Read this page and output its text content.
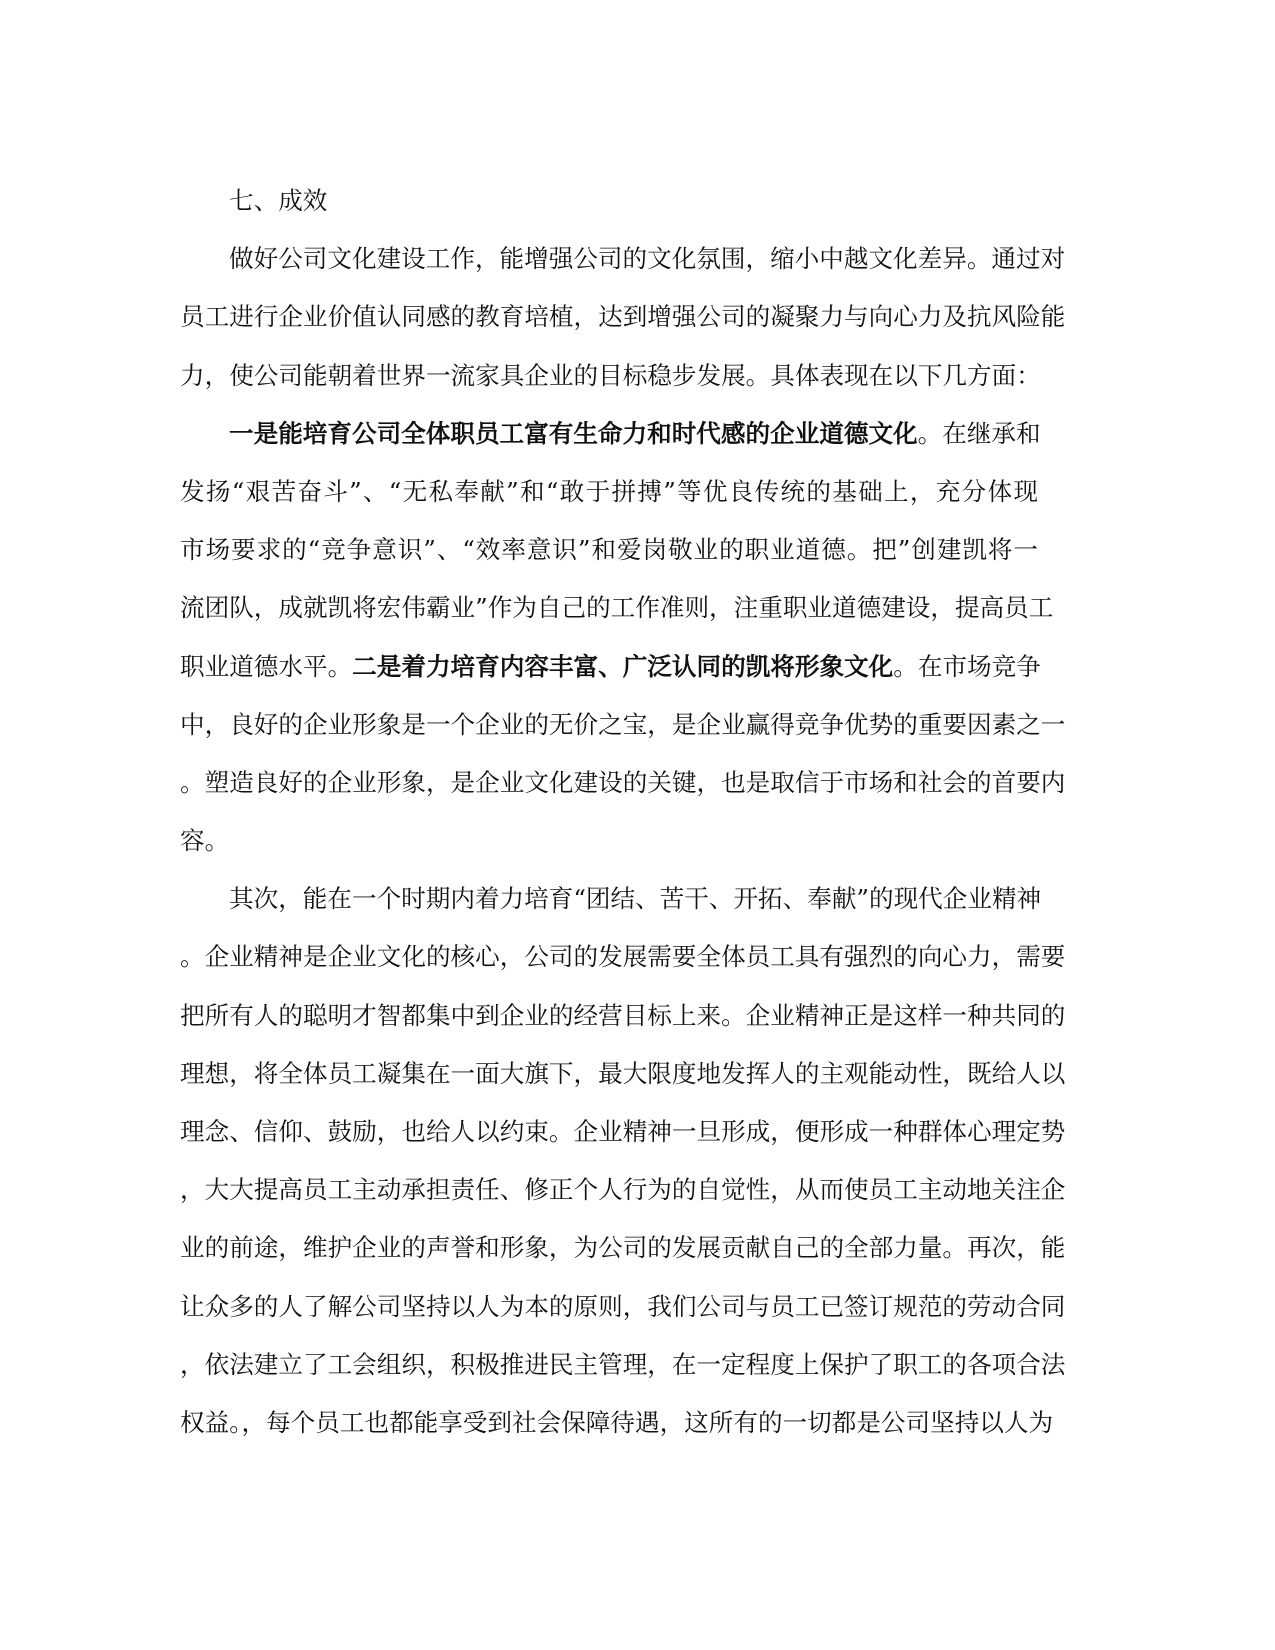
七、成效
做好公司文化建设工作，能增强公司的文化氛围，缩小中越文化差异。通过对
员工进行企业价值认同感的教育培植，达到增强公司的凝聚力与向心力及抗风险能
力，使公司能朝着世界一流家具企业的目标稳步发展。具体表现在以下几方面：
一是能培育公司全体职员工富有生命力和时代感的企业道德文化。在继承和
发扬“艰苦奋斗”、“无私奉献”和“敢于拼搏”等优良传统的基础上，充分体现
市场要求的“竞争意识”、“效率意识”和爱岗敬业的职业道德。把”创建凯将一
流团队，成就凯将宏伟霸业”作为自己的工作准则，注重职业道德建设，提高员工
职业道德水平。二是着力培育内容丰富、广泛认同的凯将形象文化。在市场竞争
中，良好的企业形象是一个企业的无价之宝，是企业赢得竞争优势的重要因素之一
。塑造良好的企业形象，是企业文化建设的关键，也是取信于市场和社会的首要内
容。
其次，能在一个时期内着力培育“团结、苦干、开拓、奉献”的现代企业精神
。企业精神是企业文化的核心，公司的发展需要全体员工具有强烈的向心力，需要
把所有人的聪明才智都集中到企业的经营目标上来。企业精神正是这样一种共同的
理想，将全体员工凝集在一面大旗下，最大限度地发挥人的主观能动性，既给人以
理念、信仰、鼓励，也给人以约束。企业精神一旦形成，便形成一种群体心理定势
，大大提高员工主动承担责任、修正个人行为的自觉性，从而使员工主动地关注企
业的前途，维护企业的声誉和形象，为公司的发展贡献自己的全部力量。再次，能
让众多的人了解公司坚持以人为本的原则，我们公司与员工已签订规范的劳动合同
，依法建立了工会组织，积极推进民主管理，在一定程度上保护了职工的各项合法
权益。，每个员工也都能享受到社会保障待遇，这所有的一切都是公司坚持以人为
